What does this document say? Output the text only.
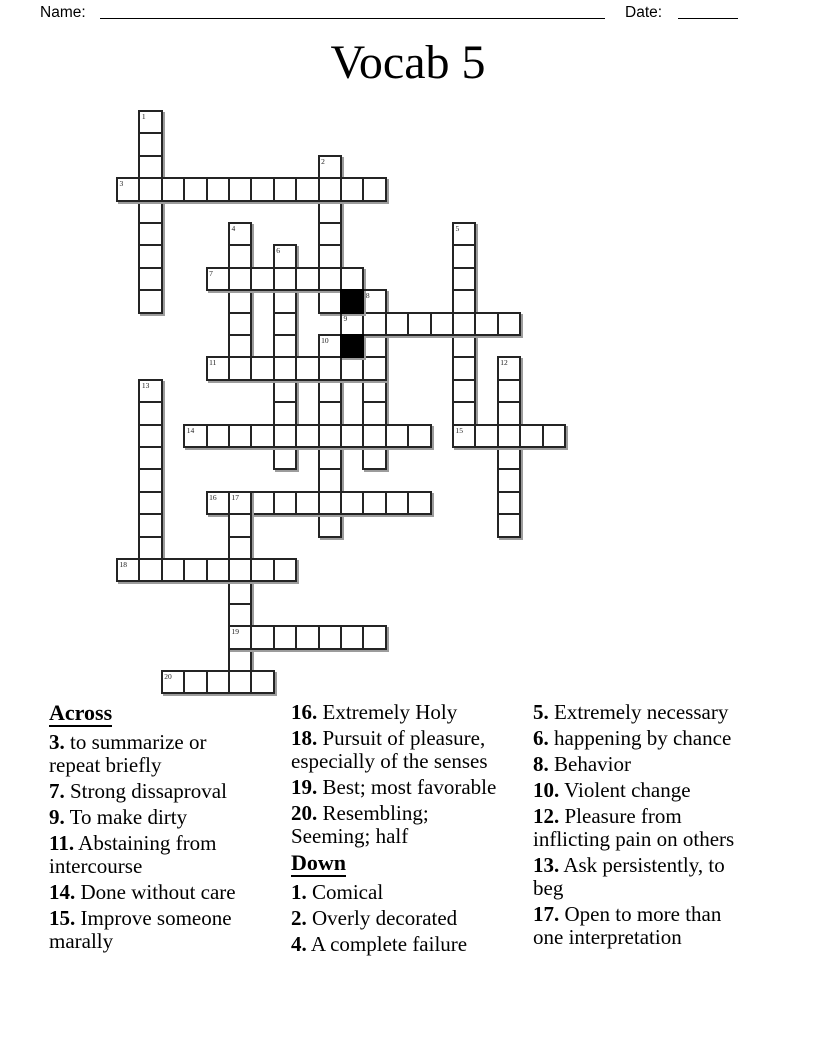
Name:	Date:
Vocab 5
1
2
3
4	5
6
7
8
9
10
11	12
13
14	15
16 17
18
19
20
Across
3. to summarize or repeat briefly
7. Strong dissaproval
9. To make dirty
11. Abstaining from intercourse
14. Done without care
15. Improve someone marally
16. Extremely Holy
18. Pursuit of pleasure, especially of the senses
19. Best; most favorable
20. Resembling; Seeming; half
Down
1. Comical
2. Overly decorated
4. A complete failure
5. Extremely necessary
6. happening by chance
8. Behavior
10. Violent change
12. Pleasure from inflicting pain on others
13. Ask persistently, to beg
17. Open to more than one interpretation
